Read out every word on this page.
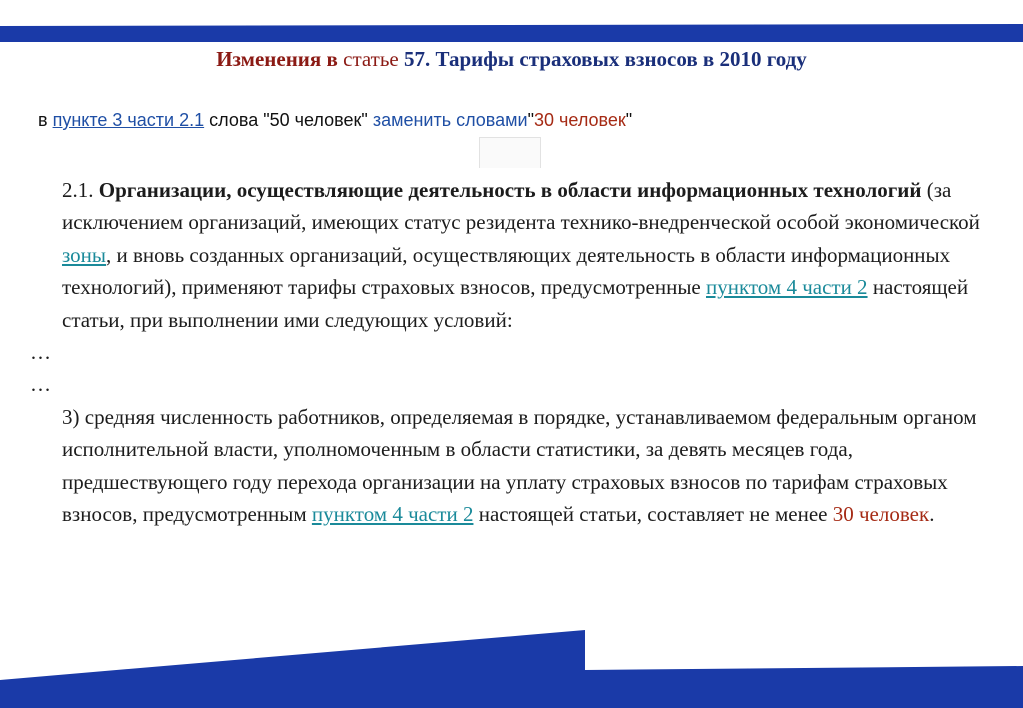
Изменения в статье 57. Тарифы страховых взносов в 2010 году
в пункте 3 части 2.1 слова "50 человек" заменить словами"30 человек"

2.1. Организации, осуществляющие деятельность в области информационных технологий (за исключением организаций, имеющих статус резидента технико-внедренческой особой экономической зоны, и вновь созданных организаций, осуществляющих деятельность в области информационных технологий), применяют тарифы страховых взносов, предусмотренные пунктом 4 части 2 настоящей статьи, при выполнении ими следующих условий:

…

…

3) средняя численность работников, определяемая в порядке, устанавливаемом федеральным органом исполнительной власти, уполномоченным в области статистики, за девять месяцев года, предшествующего году перехода организации на уплату страховых взносов по тарифам страховых взносов, предусмотренным пунктом 4 части 2 настоящей статьи, составляет не менее 30 человек.
